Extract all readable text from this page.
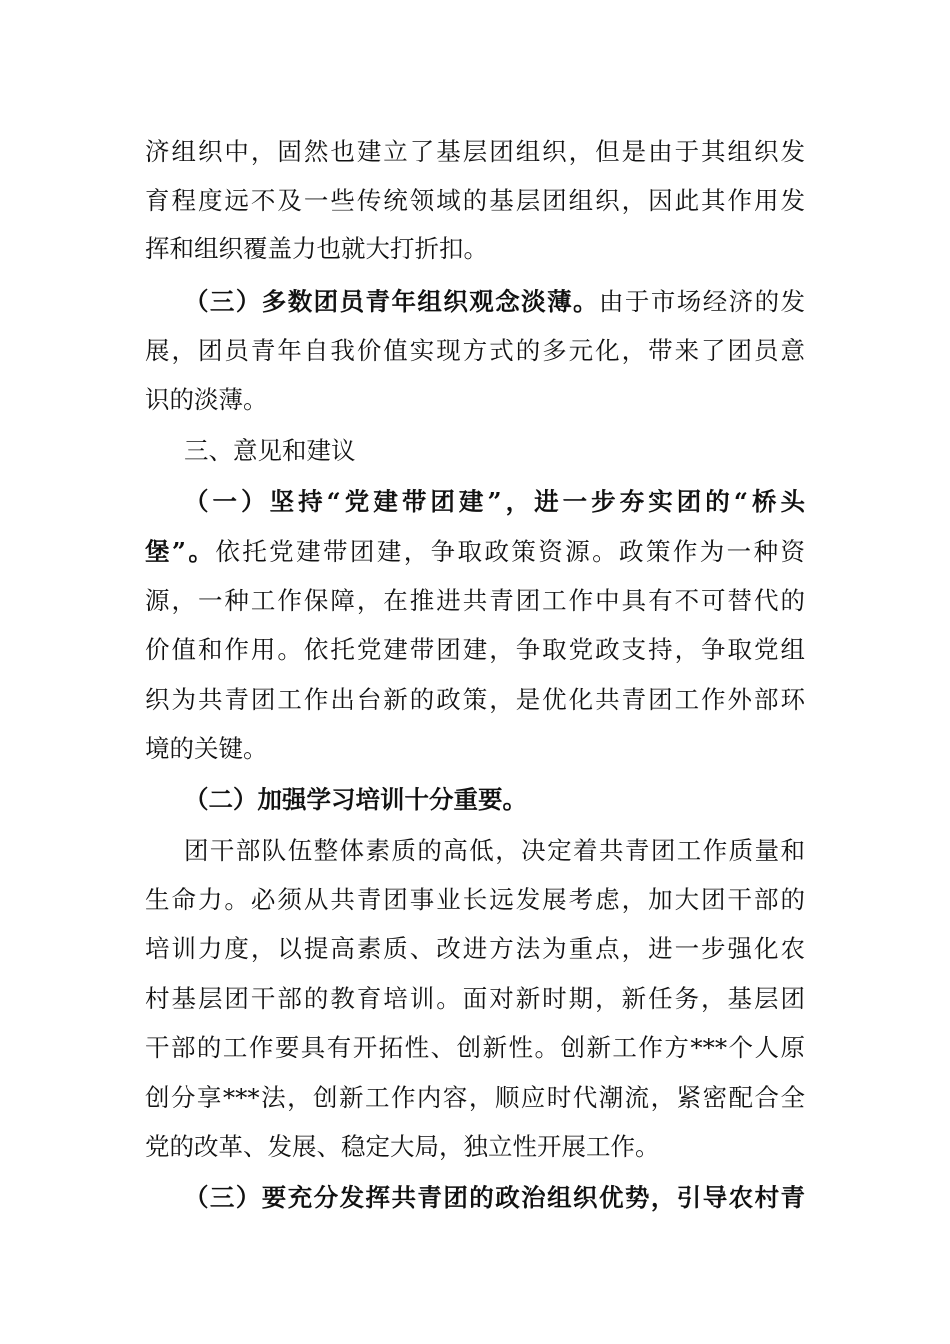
济组织中，固然也建立了基层团组织，但是由于其组织发
育程度远不及一些传统领域的基层团组织，因此其作用发
挥和组织覆盖力也就大打折扣。
（三）多数团员青年组织观念淡薄。由于市场经济的发
展，团员青年自我价值实现方式的多元化，带来了团员意
识的淡薄。
三、意见和建议
（一）坚持“党建带团建”，进一步夯实团的“桥头
堡”。依托党建带团建，争取政策资源。政策作为一种资
源，一种工作保障，在推进共青团工作中具有不可替代的
价值和作用。依托党建带团建，争取党政支持，争取党组
织为共青团工作出台新的政策，是优化共青团工作外部环
境的关键。
（二）加强学习培训十分重要。
团干部队伍整体素质的高低，决定着共青团工作质量和
生命力。必须从共青团事业长远发展考虑，加大团干部的
培训力度，以提高素质、改进方法为重点，进一步强化农
村基层团干部的教育培训。面对新时期，新任务，基层团
干部的工作要具有开拓性、创新性。创新工作方***个人原
创分享***法，创新工作内容，顺应时代潮流，紧密配合全
党的改革、发展、稳定大局，独立性开展工作。
（三）要充分发挥共青团的政治组织优势，引导农村青
